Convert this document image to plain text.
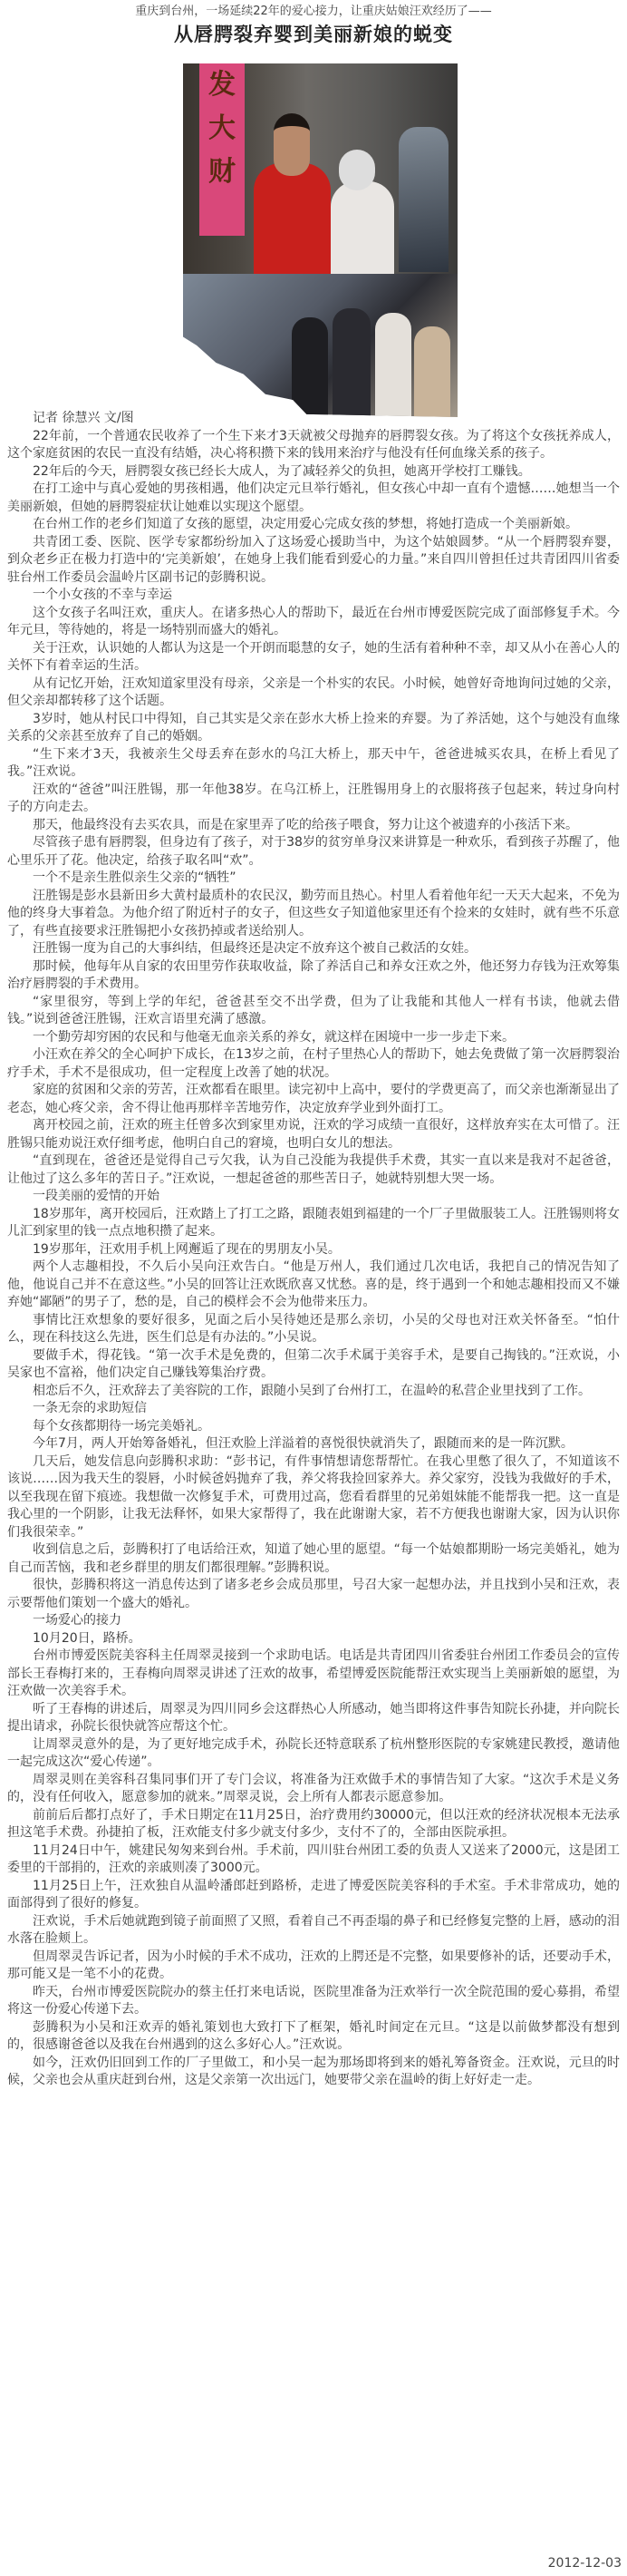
重庆到台州，一场延续22年的爱心接力，让重庆姑娘汪欢经历了——
从唇腭裂弃婴到美丽新娘的蜕变
发大财

记者 徐慧兴 文/图

22年前，一个普通农民收养了一个生下来才3天就被父母抛弃的唇腭裂女孩。为了将这个女孩抚养成人，这个家庭贫困的农民一直没有结婚，决心将积攒下来的钱用来治疗与他没有任何血缘关系的孩子。

22年后的今天，唇腭裂女孩已经长大成人，为了减轻养父的负担，她离开学校打工赚钱。

在打工途中与真心爱她的男孩相遇，他们决定元旦举行婚礼，但女孩心中却一直有个遗憾……她想当一个美丽新娘，但她的唇腭裂症状让她难以实现这个愿望。

在台州工作的老乡们知道了女孩的愿望，决定用爱心完成女孩的梦想，将她打造成一个美丽新娘。

共青团工委、医院、医学专家都纷纷加入了这场爱心援助当中，为这个姑娘圆梦。“从一个唇腭裂弃婴，到众老乡正在极力打造中的‘完美新娘’，在她身上我们能看到爱心的力量。”来自四川曾担任过共青团四川省委驻台州工作委员会温岭片区副书记的彭腾积说。

一个小女孩的不幸与幸运

这个女孩子名叫汪欢，重庆人。在诸多热心人的帮助下，最近在台州市博爱医院完成了面部修复手术。今年元旦，等待她的，将是一场特别而盛大的婚礼。

关于汪欢，认识她的人都认为这是一个开朗而聪慧的女子，她的生活有着种种不幸，却又从小在善心人的关怀下有着幸运的生活。

从有记忆开始，汪欢知道家里没有母亲，父亲是一个朴实的农民。小时候，她曾好奇地询问过她的父亲，但父亲却都转移了这个话题。

3岁时，她从村民口中得知，自己其实是父亲在彭水大桥上捡来的弃婴。为了养活她，这个与她没有血缘关系的父亲甚至放弃了自己的婚姻。

“生下来才3天，我被亲生父母丢弃在彭水的乌江大桥上，那天中午，爸爸进城买农具，在桥上看见了我。”汪欢说。

汪欢的“爸爸”叫汪胜锡，那一年他38岁。在乌江桥上，汪胜锡用身上的衣服将孩子包起来，转过身向村子的方向走去。

那天，他最终没有去买农具，而是在家里弄了吃的给孩子喂食，努力让这个被遗弃的小孩活下来。

尽管孩子患有唇腭裂，但身边有了孩子，对于38岁的贫穷单身汉来讲算是一种欢乐，看到孩子苏醒了，他心里乐开了花。他决定，给孩子取名叫“欢”。

一个不是亲生胜似亲生父亲的“牺牲”

汪胜锡是彭水县新田乡大黄村最质朴的农民汉，勤劳而且热心。村里人看着他年纪一天天大起来，不免为他的终身大事着急。为他介绍了附近村子的女子，但这些女子知道他家里还有个捡来的女娃时，就有些不乐意了，有些直接要求汪胜锡把小女孩扔掉或者送给别人。

汪胜锡一度为自己的大事纠结，但最终还是决定不放弃这个被自己救活的女娃。

那时候，他每年从自家的农田里劳作获取收益，除了养活自己和养女汪欢之外，他还努力存钱为汪欢筹集治疗唇腭裂的手术费用。

“家里很穷，等到上学的年纪，爸爸甚至交不出学费，但为了让我能和其他人一样有书读，他就去借钱。”说到爸爸汪胜锡，汪欢言语里充满了感激。

一个勤劳却穷困的农民和与他毫无血亲关系的养女，就这样在困境中一步一步走下来。

小汪欢在养父的全心呵护下成长，在13岁之前，在村子里热心人的帮助下，她去免费做了第一次唇腭裂治疗手术，手术不是很成功，但一定程度上改善了她的状况。

家庭的贫困和父亲的劳苦，汪欢都看在眼里。读完初中上高中，要付的学费更高了，而父亲也渐渐显出了老态，她心疼父亲，舍不得让他再那样辛苦地劳作，决定放弃学业到外面打工。

离开校园之前，汪欢的班主任曾多次到家里劝说，汪欢的学习成绩一直很好，这样放弃实在太可惜了。汪胜锡只能劝说汪欢仔细考虑，他明白自己的窘境，也明白女儿的想法。

“直到现在，爸爸还是觉得自己亏欠我，认为自己没能为我提供手术费，其实一直以来是我对不起爸爸，让他过了这么多年的苦日子。”汪欢说，一想起爸爸的那些苦日子，她就特别想大哭一场。

一段美丽的爱情的开始

18岁那年，离开校园后，汪欢踏上了打工之路，跟随表姐到福建的一个厂子里做服装工人。汪胜锡则将女儿汇到家里的钱一点点地积攒了起来。

19岁那年，汪欢用手机上网邂逅了现在的男朋友小吴。

两个人志趣相投，不久后小吴向汪欢告白。“他是万州人，我们通过几次电话，我把自己的情况告知了他，他说自己并不在意这些。”小吴的回答让汪欢既欣喜又忧愁。喜的是，终于遇到一个和她志趣相投而又不嫌弃她“鄙陋”的男子了，愁的是，自己的模样会不会为他带来压力。

事情比汪欢想象的要好很多，见面之后小吴待她还是那么亲切，小吴的父母也对汪欢关怀备至。“怕什么，现在科技这么先进，医生们总是有办法的。”小吴说。

要做手术，得花钱。“第一次手术是免费的，但第二次手术属于美容手术，是要自己掏钱的。”汪欢说，小吴家也不富裕，他们决定自己赚钱筹集治疗费。

相恋后不久，汪欢辞去了美容院的工作，跟随小吴到了台州打工，在温岭的私营企业里找到了工作。

一条无奈的求助短信

每个女孩都期待一场完美婚礼。

今年7月，两人开始筹备婚礼，但汪欢脸上洋溢着的喜悦很快就消失了，跟随而来的是一阵沉默。

几天后，她发信息向彭腾积求助：“彭书记，有件事情想请您帮帮忙。在我心里憋了很久了，不知道该不该说……因为我天生的裂唇，小时候爸妈抛弃了我，养父将我捡回家养大。养父家穷，没钱为我做好的手术，以至我现在留下痕迹。我想做一次修复手术，可费用过高，您看看群里的兄弟姐妹能不能帮我一把。这一直是我心里的一个阴影，让我无法释怀，如果大家帮得了，我在此谢谢大家，若不方便我也谢谢大家，因为认识你们我很荣幸。”

收到信息之后，彭腾积打了电话给汪欢，知道了她心里的愿望。“每一个姑娘都期盼一场完美婚礼，她为自己而苦恼，我和老乡群里的朋友们都很理解。”彭腾积说。

很快，彭腾积将这一消息传达到了诸多老乡会成员那里，号召大家一起想办法，并且找到小吴和汪欢，表示要帮他们策划一个盛大的婚礼。

一场爱心的接力

10月20日，路桥。

台州市博爱医院美容科主任周翠灵接到一个求助电话。电话是共青团四川省委驻台州团工作委员会的宣传部长王春梅打来的，王春梅向周翠灵讲述了汪欢的故事，希望博爱医院能帮汪欢实现当上美丽新娘的愿望，为汪欢做一次美容手术。

听了王春梅的讲述后，周翠灵为四川同乡会这群热心人所感动，她当即将这件事告知院长孙捷，并向院长提出请求，孙院长很快就答应帮这个忙。

让周翠灵意外的是，为了更好地完成手术，孙院长还特意联系了杭州整形医院的专家姚建民教授，邀请他一起完成这次“爱心传递”。

周翠灵则在美容科召集同事们开了专门会议，将准备为汪欢做手术的事情告知了大家。“这次手术是义务的，没有任何收入，愿意参加的就来。”周翠灵说，会上所有人都表示愿意参加。

前前后后都打点好了，手术日期定在11月25日，治疗费用约30000元，但以汪欢的经济状况根本无法承担这笔手术费。孙捷拍了板，汪欢能支付多少就支付多少，支付不了的，全部由医院承担。

11月24日中午，姚建民匆匆来到台州。手术前，四川驻台州团工委的负责人又送来了2000元，这是团工委里的干部捐的，汪欢的亲戚则凑了3000元。

11月25日上午，汪欢独自从温岭潘郎赶到路桥，走进了博爱医院美容科的手术室。手术非常成功，她的面部得到了很好的修复。

汪欢说，手术后她就跑到镜子前面照了又照，看着自己不再歪塌的鼻子和已经修复完整的上唇，感动的泪水落在脸颊上。

但周翠灵告诉记者，因为小时候的手术不成功，汪欢的上腭还是不完整，如果要修补的话，还要动手术，那可能又是一笔不小的花费。

昨天，台州市博爱医院院办的蔡主任打来电话说，医院里准备为汪欢举行一次全院范围的爱心募捐，希望将这一份爱心传递下去。

彭腾积为小吴和汪欢弄的婚礼策划也大致打下了框架，婚礼时间定在元旦。“这是以前做梦都没有想到的，很感谢爸爸以及我在台州遇到的这么多好心人。”汪欢说。

如今，汪欢仍旧回到工作的厂子里做工，和小吴一起为那场即将到来的婚礼筹备资金。汪欢说，元旦的时候，父亲也会从重庆赶到台州，这是父亲第一次出远门，她要带父亲在温岭的街上好好走一走。

2012-12-03
